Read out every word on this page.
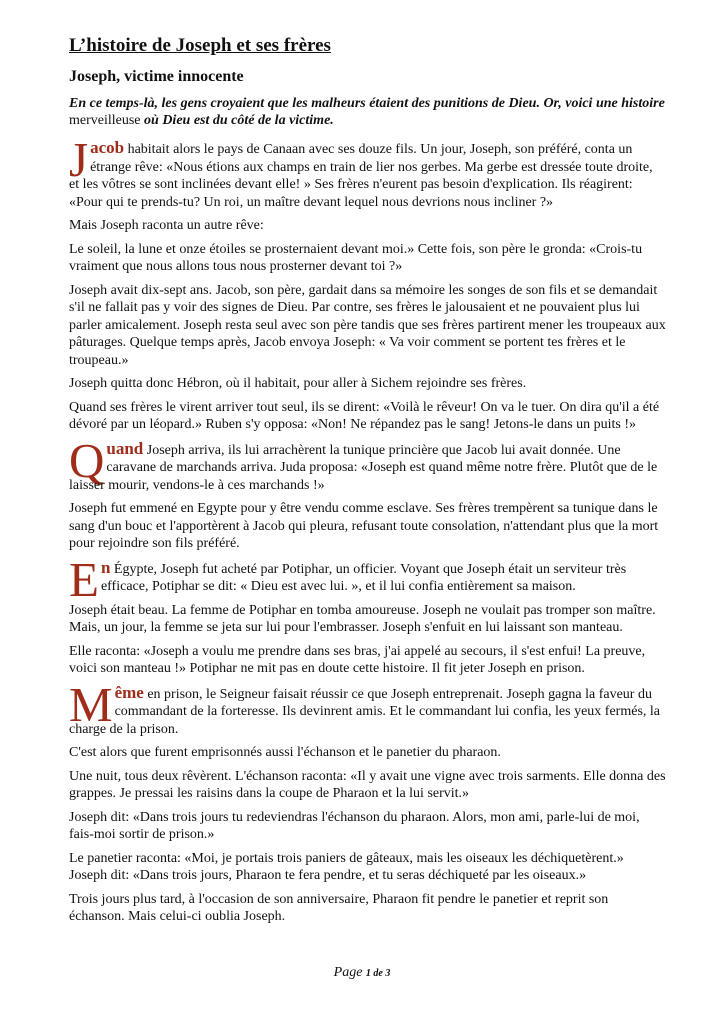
L’histoire de Joseph et ses frères
Joseph, victime innocente
En ce temps-là, les gens croyaient que les malheurs étaient des punitions de Dieu. Or, voici une histoire merveilleuse où Dieu est du côté de la victime.

Jacob habitait alors le pays de Canaan avec ses douze fils. Un jour, Joseph, son préféré, conta un étrange rêve: «Nous étions aux champs en train de lier nos gerbes. Ma gerbe est dressée toute droite, et les vôtres se sont inclinées devant elle! » Ses frères n'eurent pas besoin d'explication. Ils réagirent: «Pour qui te prends-tu? Un roi, un maître devant lequel nous devrions nous incliner ?»

Mais Joseph raconta un autre rêve:

Le soleil, la lune et onze étoiles se prosternaient devant moi.» Cette fois, son père le gronda: «Crois-tu vraiment que nous allons tous nous prosterner devant toi ?»

Joseph avait dix-sept ans. Jacob, son père, gardait dans sa mémoire les songes de son fils et se demandait s'il ne fallait pas y voir des signes de Dieu. Par contre, ses frères le jalousaient et ne pouvaient plus lui parler amicalement. Joseph resta seul avec son père tandis que ses frères partirent mener les troupeaux aux pâturages. Quelque temps après, Jacob envoya Joseph: « Va voir comment se portent tes frères et le troupeau.»

Joseph quitta donc Hébron, où il habitait, pour aller à Sichem rejoindre ses frères.

Quand ses frères le virent arriver tout seul, ils se dirent: «Voilà le rêveur! On va le tuer. On dira qu'il a été dévoré par un léopard.» Ruben s'y opposa: «Non! Ne répandez pas le sang! Jetons-le dans un puits !»

Quand Joseph arriva, ils lui arrachèrent la tunique princière que Jacob lui avait donnée. Une caravane de marchands arriva. Juda proposa: «Joseph est quand même notre frère. Plutôt que de le laisser mourir, vendons-le à ces marchands !»

Joseph fut emmené en Egypte pour y être vendu comme esclave. Ses frères trempèrent sa tunique dans le sang d'un bouc et l'apportèrent à Jacob qui pleura, refusant toute consolation, n'attendant plus que la mort pour rejoindre son fils préféré.

En Égypte, Joseph fut acheté par Potiphar, un officier. Voyant que Joseph était un serviteur très efficace, Potiphar se dit: « Dieu est avec lui. », et il lui confia entièrement sa maison.

Joseph était beau. La femme de Potiphar en tomba amoureuse. Joseph ne voulait pas tromper son maître. Mais, un jour, la femme se jeta sur lui pour l'embrasser. Joseph s'enfuit en lui laissant son manteau.

Elle raconta: «Joseph a voulu me prendre dans ses bras, j'ai appelé au secours, il s'est enfui! La preuve, voici son manteau !» Potiphar ne mit pas en doute cette histoire. Il fit jeter Joseph en prison.

Même en prison, le Seigneur faisait réussir ce que Joseph entreprenait. Joseph gagna la faveur du commandant de la forteresse. Ils devinrent amis. Et le commandant lui confia, les yeux fermés, la charge de la prison.

C'est alors que furent emprisonnés aussi l'échanson et le panetier du pharaon.

Une nuit, tous deux rêvèrent. L'échanson raconta: «Il y avait une vigne avec trois sarments. Elle donna des grappes. Je pressai les raisins dans la coupe de Pharaon et la lui servit.»

Joseph dit: «Dans trois jours tu redeviendras l'échanson du pharaon. Alors, mon ami, parle-lui de moi, fais-moi sortir de prison.»

Le panetier raconta: «Moi, je portais trois paniers de gâteaux, mais les oiseaux les déchiquetèrent.»
Joseph dit: «Dans trois jours, Pharaon te fera pendre, et tu seras déchiqueté par les oiseaux.»

Trois jours plus tard, à l'occasion de son anniversaire, Pharaon fit pendre le panetier et reprit son échanson. Mais celui-ci oublia Joseph.

Page 1 de 3
